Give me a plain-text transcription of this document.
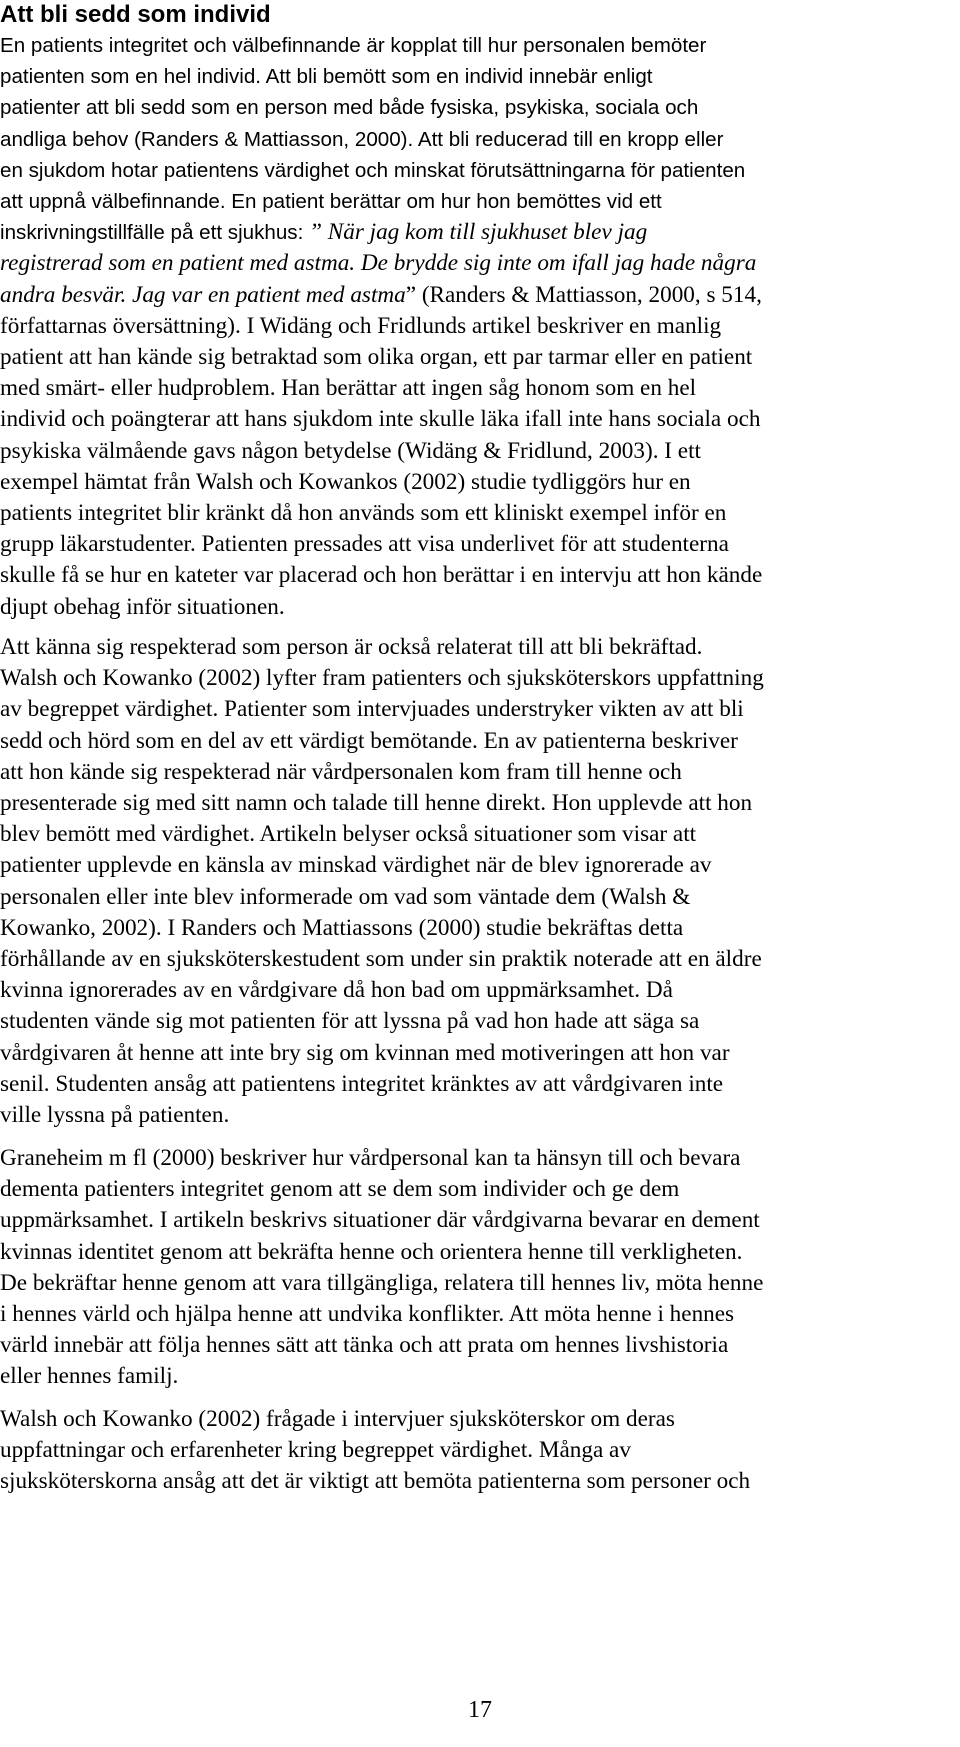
Att bli sedd som individ
En patients integritet och välbefinnande är kopplat till hur personalen bemöter
patienten som en hel individ. Att bli bemött som en individ innebär enligt
patienter att bli sedd som en person med både fysiska, psykiska, sociala och
andliga behov (Randers & Mattiasson, 2000). Att bli reducerad till en kropp eller
en sjukdom hotar patientens värdighet och minskat förutsättningarna för patienten
att uppnå välbefinnande. En patient berättar om hur hon bemöttes vid ett
inskrivningstillfälle på ett sjukhus: ” När jag kom till sjukhuset blev jag
registrerad som en patient med astma. De brydde sig inte om ifall jag hade några
andra besvär. Jag var en patient med astma” (Randers & Mattiasson, 2000, s 514,
författarnas översättning). I Widäng och Fridlunds artikel beskriver en manlig
patient att han kände sig betraktad som olika organ, ett par tarmar eller en patient
med smärt- eller hudproblem. Han berättar att ingen såg honom som en hel
individ och poängterar att hans sjukdom inte skulle läka ifall inte hans sociala och
psykiska välmående gavs någon betydelse (Widäng & Fridlund, 2003). I ett
exempel hämtat från Walsh och Kowankos (2002) studie tydliggörs hur en
patients integritet blir kränkt då hon används som ett kliniskt exempel inför en
grupp läkarstudenter. Patienten pressades att visa underlivet för att studenterna
skulle få se hur en kateter var placerad och hon berättar i en intervju att hon kände
djupt obehag inför situationen.
Att känna sig respekterad som person är också relaterat till att bli bekräftad.
Walsh och Kowanko (2002) lyfter fram patienters och sjuksköterskors uppfattning
av begreppet värdighet. Patienter som intervjuades understryker vikten av att bli
sedd och hörd som en del av ett värdigt bemötande. En av patienterna beskriver
att hon kände sig respekterad när vårdpersonalen kom fram till henne och
presenterade sig med sitt namn och talade till henne direkt. Hon upplevde att hon
blev bemött med värdighet. Artikeln belyser också situationer som visar att
patienter upplevde en känsla av minskad värdighet när de blev ignorerade av
personalen eller inte blev informerade om vad som väntade dem (Walsh &
Kowanko, 2002). I Randers och Mattiassons (2000) studie bekräftas detta
förhållande av en sjuksköterskestudent som under sin praktik noterade att en äldre
kvinna ignorerades av en vårdgivare då hon bad om uppmärksamhet. Då
studenten vände sig mot patienten för att lyssna på vad hon hade att säga sa
vårdgivaren åt henne att inte bry sig om kvinnan med motiveringen att hon var
senil. Studenten ansåg att patientens integritet kränktes av att vårdgivaren inte
ville lyssna på patienten.
Graneheim m fl (2000) beskriver hur vårdpersonal kan ta hänsyn till och bevara
dementa patienters integritet genom att se dem som individer och ge dem
uppmärksamhet. I artikeln beskrivs situationer där vårdgivarna bevarar en dement
kvinnas identitet genom att bekräfta henne och orientera henne till verkligheten.
De bekräftar henne genom att vara tillgängliga, relatera till hennes liv, möta henne
i hennes värld och hjälpa henne att undvika konflikter. Att möta henne i hennes
värld innebär att följa hennes sätt att tänka och att prata om hennes livshistoria
eller hennes familj.
Walsh och Kowanko (2002) frågade i intervjuer sjuksköterskor om deras
uppfattningar och erfarenheter kring begreppet värdighet. Många av
sjuksköterskorna ansåg att det är viktigt att bemöta patienterna som personer och
17
